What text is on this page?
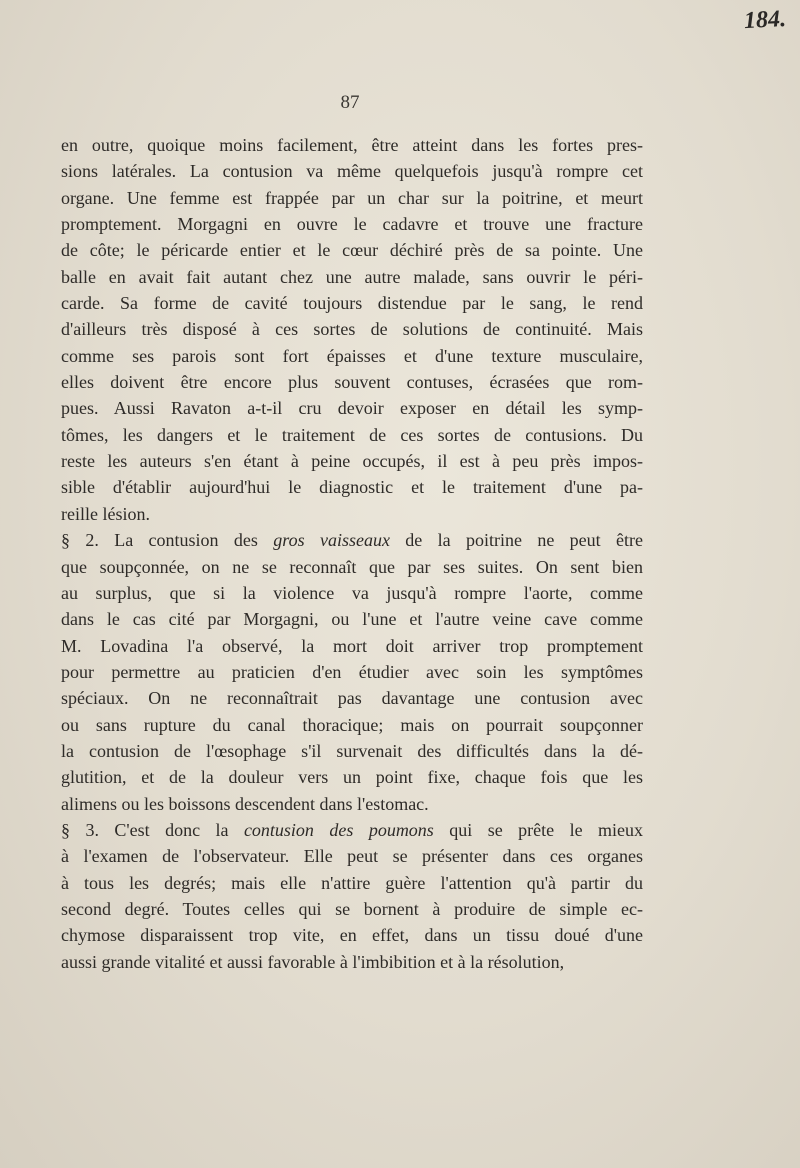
184.
87
en outre, quoique moins facilement, être atteint dans les fortes pres-
sions latérales. La contusion va même quelquefois jusqu'à rompre cet
organe. Une femme est frappée par un char sur la poitrine, et meurt
promptement. Morgagni en ouvre le cadavre et trouve une fracture
de côte; le péricarde entier et le cœur déchiré près de sa pointe. Une
balle en avait fait autant chez une autre malade, sans ouvrir le péri-
carde. Sa forme de cavité toujours distendue par le sang, le rend
d'ailleurs très disposé à ces sortes de solutions de continuité. Mais
comme ses parois sont fort épaisses et d'une texture musculaire,
elles doivent être encore plus souvent contuses, écrasées que rom-
pues. Aussi Ravaton a-t-il cru devoir exposer en détail les symp-
tômes, les dangers et le traitement de ces sortes de contusions. Du
reste les auteurs s'en étant à peine occupés, il est à peu près impos-
sible d'établir aujourd'hui le diagnostic et le traitement d'une pa-
reille lésion.
§ 2. La contusion des gros vaisseaux de la poitrine ne peut être
que soupçonnée, on ne se reconnaît que par ses suites. On sent bien
au surplus, que si la violence va jusqu'à rompre l'aorte, comme
dans le cas cité par Morgagni, ou l'une et l'autre veine cave comme
M. Lovadina l'a observé, la mort doit arriver trop promptement
pour permettre au praticien d'en étudier avec soin les symptômes
spéciaux. On ne reconnaîtrait pas davantage une contusion avec
ou sans rupture du canal thoracique; mais on pourrait soupçonner
la contusion de l'œsophage s'il survenait des difficultés dans la dé-
glutition, et de la douleur vers un point fixe, chaque fois que les
alimens ou les boissons descendent dans l'estomac.
§ 3. C'est donc la contusion des poumons qui se prête le mieux
à l'examen de l'observateur. Elle peut se présenter dans ces organes
à tous les degrés; mais elle n'attire guère l'attention qu'à partir du
second degré. Toutes celles qui se bornent à produire de simple ec-
chymose disparaissent trop vite, en effet, dans un tissu doué d'une
aussi grande vitalité et aussi favorable à l'imbibition et à la résolution,
